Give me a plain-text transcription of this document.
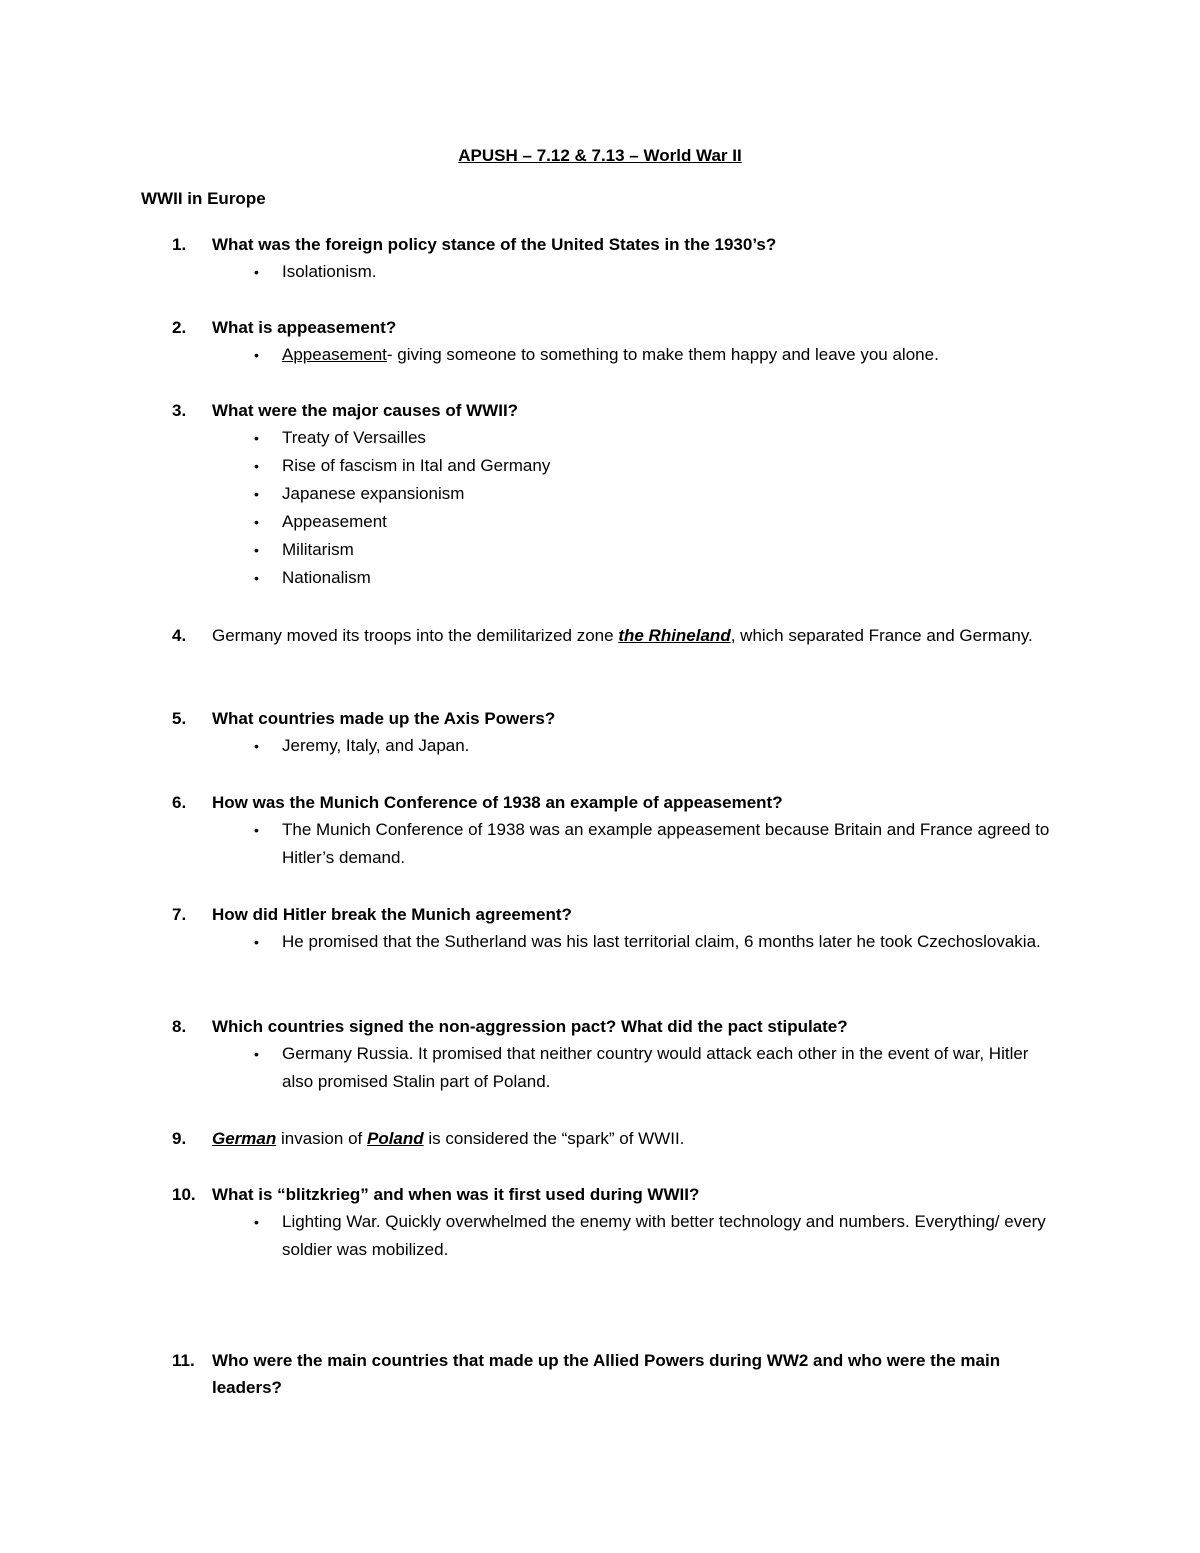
APUSH – 7.12 & 7.13 – World War II
WWII in Europe
1. What was the foreign policy stance of the United States in the 1930’s?
• Isolationism.
2. What is appeasement?
• Appeasement- giving someone to something to make them happy and leave you alone.
3. What were the major causes of WWII?
• Treaty of Versailles
• Rise of fascism in Ital and Germany
• Japanese expansionism
• Appeasement
• Militarism
• Nationalism
4. Germany moved its troops into the demilitarized zone the Rhineland, which separated France and Germany.
5. What countries made up the Axis Powers?
• Jeremy, Italy, and Japan.
6. How was the Munich Conference of 1938 an example of appeasement?
• The Munich Conference of 1938 was an example appeasement because Britain and France agreed to Hitler’s demand.
7. How did Hitler break the Munich agreement?
• He promised that the Sutherland was his last territorial claim, 6 months later he took Czechoslovakia.
8. Which countries signed the non-aggression pact? What did the pact stipulate?
• Germany Russia. It promised that neither country would attack each other in the event of war, Hitler also promised Stalin part of Poland.
9. German invasion of Poland is considered the “spark” of WWII.
10. What is “blitzkrieg” and when was it first used during WWII?
• Lighting War. Quickly overwhelmed the enemy with better technology and numbers. Everything/ every soldier was mobilized.
11. Who were the main countries that made up the Allied Powers during WW2 and who were the main leaders?
